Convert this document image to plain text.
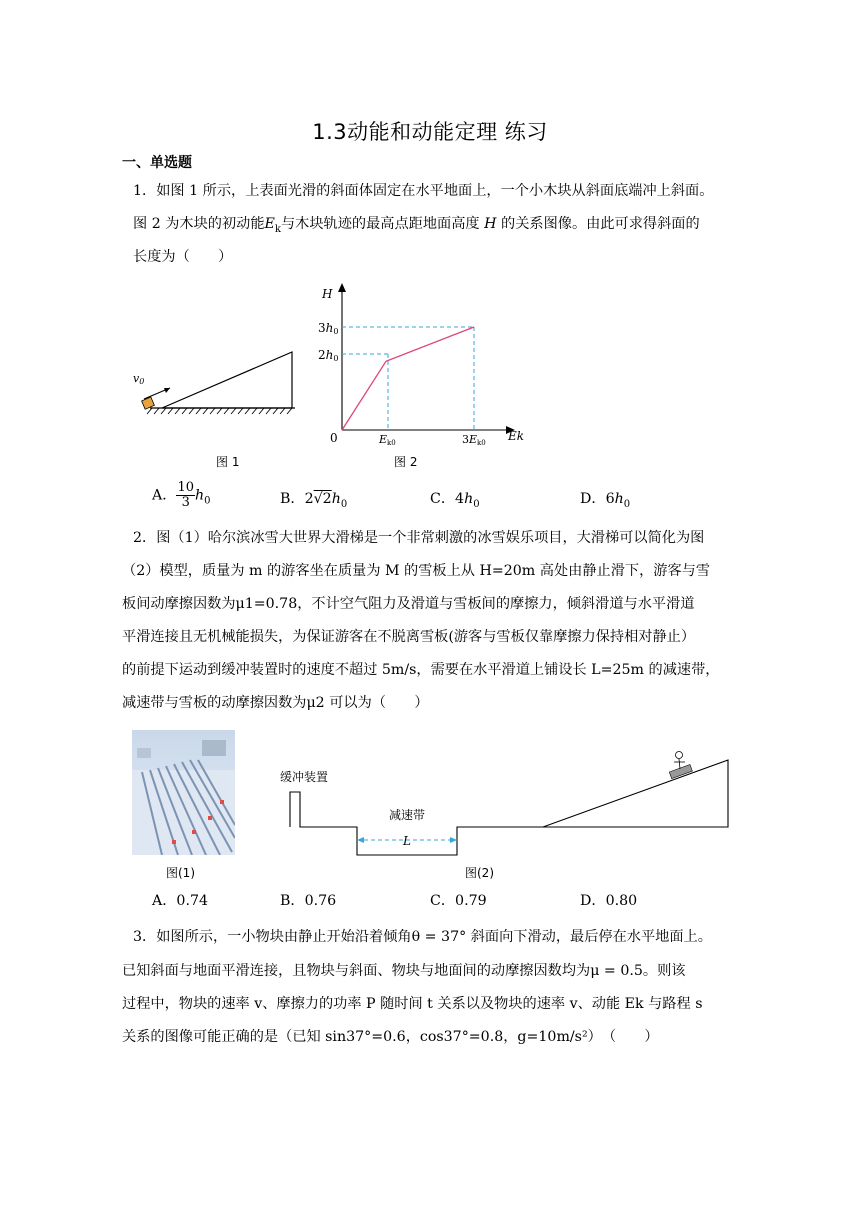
1.3动能和动能定理 练习
一、单选题
1．如图 1 所示，上表面光滑的斜面体固定在水平地面上，一个小木块从斜面底端冲上斜面。
图 2 为木块的初动能$E_k$与木块轨迹的最高点距地面高度 H 的关系图像。由此可求得斜面的
长度为（　　）
v0
图 1
H
Ek
0
2h0
3h0
Ek0	3Ek0
图 2
A． $\frac{10}{3} h_0$	B．$2√2h_0$	C．$4h_0$	D．$6h_0$
2．图（1）哈尔滨冰雪大世界大滑梯是一个非常刺激的冰雪娱乐项目，大滑梯可以简化为图
（2）模型，质量为 m 的游客坐在质量为 M 的雪板上从 H=20m 高处由静止滑下，游客与雪
板间动摩擦因数为μ1=0.78，不计空气阻力及滑道与雪板间的摩擦力，倾斜滑道与水平滑道
平滑连接且无机械能损失，为保证游客在不脱离雪板(游客与雪板仅靠摩擦力保持相对静止）
的前提下运动到缓冲装置时的速度不超过 5m/s，需要在水平滑道上铺设长 L=25m 的减速带，
减速带与雪板的动摩擦因数为μ2 可以为（　　）
图(1)
缓冲装置
减速带
L
图(2)
A．0.74	B．0.76	C．0.79	D．0.80
3．如图所示，一小物块由静止开始沿着倾角θ = 37° 斜面向下滑动，最后停在水平地面上。
已知斜面与地面平滑连接，且物块与斜面、物块与地面间的动摩擦因数均为μ = 0.5。则该
过程中，物块的速率 v、摩擦力的功率 P 随时间 t 关系以及物块的速率 v、动能 Ek 与路程 s
关系的图像可能正确的是（已知 sin37°=0.6，cos37°=0.8，g=10m/s²）　（　　）
